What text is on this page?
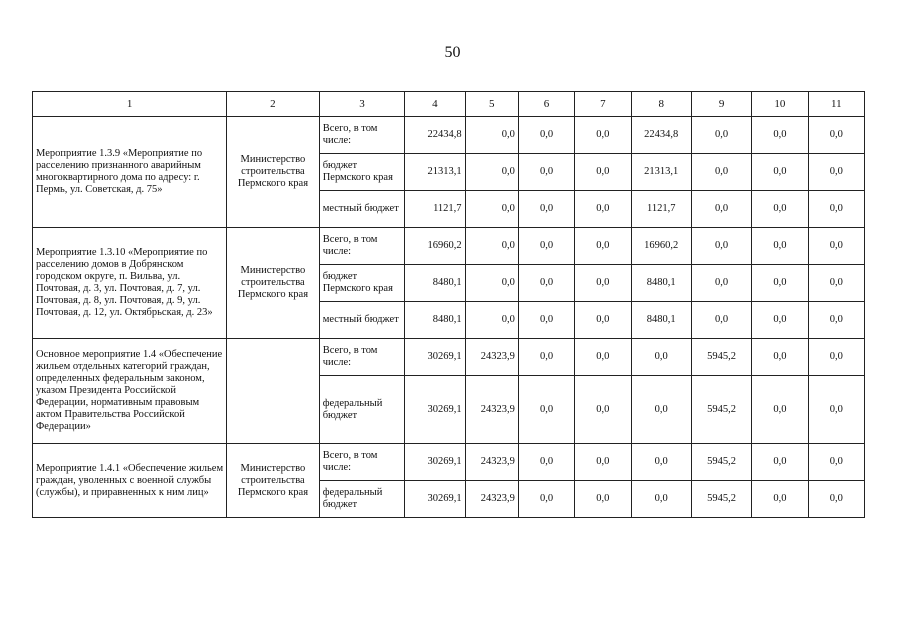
50
1	2	3	4	5	6	7	8	9	10	11
Мероприятие 1.3.9 «Мероприятие по расселению признанного аварийным многоквартирного дома по адресу: г. Пермь, ул. Советская, д. 75»	Министерство строительства Пермского края	Всего, в том числе:	22434,8	0,0	0,0	0,0	22434,8	0,0	0,0	0,0
		бюджет Пермского края	21313,1	0,0	0,0	0,0	21313,1	0,0	0,0	0,0
		местный бюджет	1121,7	0,0	0,0	0,0	1121,7	0,0	0,0	0,0
Мероприятие 1.3.10 «Мероприятие по расселению домов в Добрянском городском округе, п. Вильва, ул. Почтовая, д. 3, ул. Почтовая, д. 7, ул. Почтовая, д. 8, ул. Почтовая, д. 9, ул. Почтовая, д. 12, ул. Октябрьская, д. 23»	Министерство строительства Пермского края	Всего, в том числе:	16960,2	0,0	0,0	0,0	16960,2	0,0	0,0	0,0
		бюджет Пермского края	8480,1	0,0	0,0	0,0	8480,1	0,0	0,0	0,0
		местный бюджет	8480,1	0,0	0,0	0,0	8480,1	0,0	0,0	0,0
Основное мероприятие 1.4 «Обеспечение жильем отдельных категорий граждан, определенных федеральным законом, указом Президента Российской Федерации, нормативным правовым актом Правительства Российской Федерации»		Всего, в том числе:	30269,1	24323,9	0,0	0,0	0,0	5945,2	0,0	0,0
		федеральный бюджет	30269,1	24323,9	0,0	0,0	0,0	5945,2	0,0	0,0
Мероприятие 1.4.1 «Обеспечение жильем граждан, уволенных с военной службы (службы), и приравненных к ним лиц»	Министерство строительства Пермского края	Всего, в том числе:	30269,1	24323,9	0,0	0,0	0,0	5945,2	0,0	0,0
		федеральный бюджет	30269,1	24323,9	0,0	0,0	0,0	5945,2	0,0	0,0
